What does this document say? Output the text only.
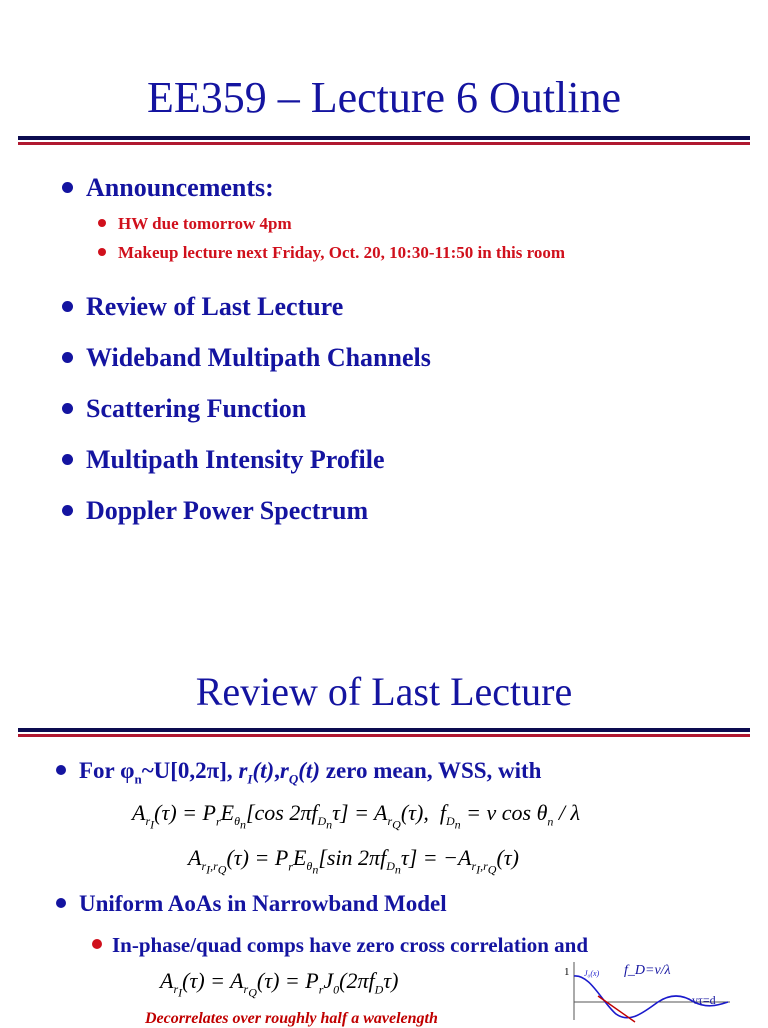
EE359 – Lecture 6 Outline
Announcements:
HW due tomorrow 4pm
Makeup lecture next Friday, Oct. 20, 10:30-11:50 in this room
Review of Last Lecture
Wideband Multipath Channels
Scattering Function
Multipath Intensity Profile
Doppler Power Spectrum
Review of Last Lecture
For $\varphi_n\sim U[0,2\pi]$, $r_I(t),r_Q(t)$ zero mean, WSS, with
$A_{r_I}(\tau) = P_rE_{\theta_n}[\cos$ $2\pi f_{D_n}\tau] = A_{r_Q}(\tau)$,  $f_{D_n} = v$ $\cos \theta_n$ / λ
$A_{r_I,r_Q}(\tau) = P_rE_{\theta_n}[\sin$ $2\pi f_{D_n}\tau] = -A_{r_I,r_Q}(\tau)$
Uniform AoAs in Narrowband Model
In-phase/quad comps have zero cross correlation and
$A_{r_I}(\tau) = A_{r_Q}(\tau) = P_rJ_0(2\pi f_D\tau)$	1 J₀(x) f_D=v/λ
vτ=d
Decorrelates over roughly half a wavelength
